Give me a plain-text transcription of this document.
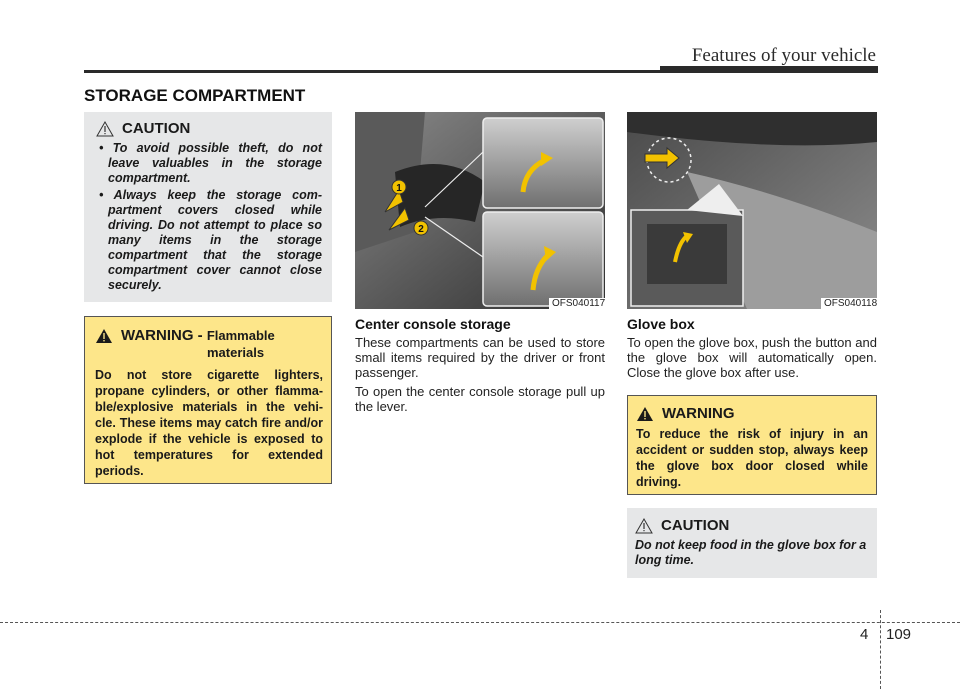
Features of your vehicle
STORAGE COMPARTMENT
CAUTION
• To avoid possible theft, do not leave valuables in the storage compartment.
• Always keep the storage com- partment covers closed while driving. Do not attempt to place so many items in the storage compartment that the storage compartment cover cannot close securely.
WARNING - Flammable
materials
Do not store cigarette lighters, propane cylinders, or other flamma- ble/explosive materials in the vehi- cle. These items may catch fire and/or explode if the vehicle is exposed to hot temperatures for extended periods.
1
2
OFS040117
Center console storage
These compartments can be used to store small items required by the driver or front passenger.
To open the center console storage pull up the lever.
OFS040118
Glove box
To open the glove box, push the button and the glove box will automatically open. Close the glove box after use.
WARNING
To reduce the risk of injury in an accident or sudden stop, always keep the glove box door closed while driving.
CAUTION
Do not keep food in the glove box for a long time.
4 109
